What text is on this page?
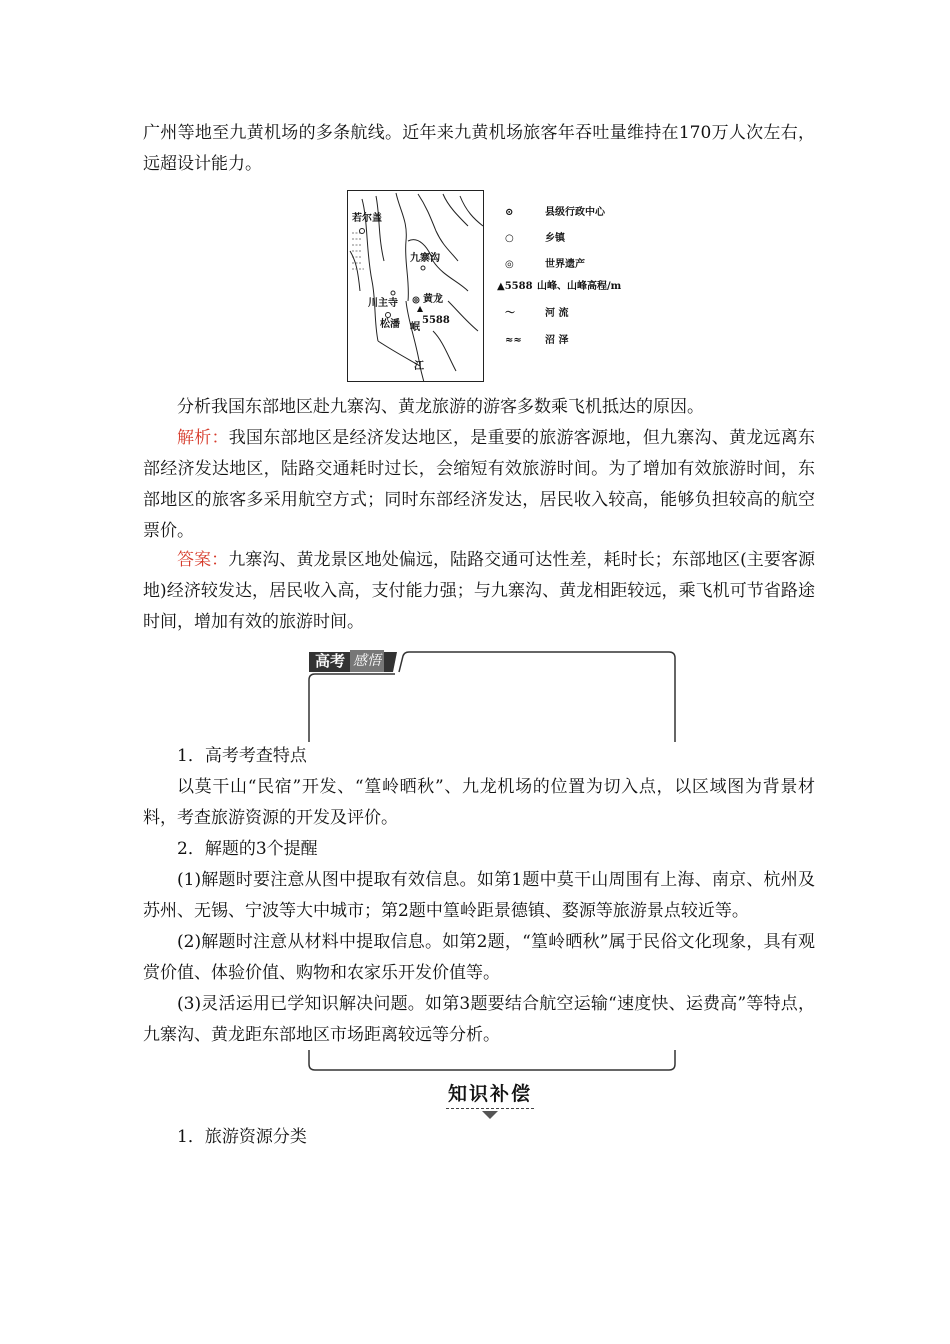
广州等地至九黄机场的多条航线。近年来九黄机场旅客年吞吐量维持在170万人次左右，远超设计能力。

若尔盖
九寨沟
黄龙
5588
川主寺
松潘 岷
江
⊙	县级行政中心
○	乡镇
◎	世界遗产
▲5588 山峰、山峰高程/m
～	河 流
≈≈	沼 泽

分析我国东部地区赴九寨沟、黄龙旅游的游客多数乘飞机抵达的原因。

解析：我国东部地区是经济发达地区，是重要的旅游客源地，但九寨沟、黄龙远离东部经济发达地区，陆路交通耗时过长，会缩短有效旅游时间。为了增加有效旅游时间，东部地区的旅客多采用航空方式；同时东部经济发达，居民收入较高，能够负担较高的航空票价。

答案：九寨沟、黄龙景区地处偏远，陆路交通可达性差，耗时长；东部地区(主要客源地)经济较发达，居民收入高，支付能力强；与九寨沟、黄龙相距较远，乘飞机可节省路途时间，增加有效的旅游时间。

高考 感悟

1．高考考查特点

以莫干山“民宿”开发、“篁岭晒秋”、九龙机场的位置为切入点，以区域图为背景材料，考查旅游资源的开发及评价。

2．解题的3个提醒

(1)解题时要注意从图中提取有效信息。如第1题中莫干山周围有上海、南京、杭州及苏州、无锡、宁波等大中城市；第2题中篁岭距景德镇、婺源等旅游景点较近等。

(2)解题时注意从材料中提取信息。如第2题，“篁岭晒秋”属于民俗文化现象，具有观赏价值、体验价值、购物和农家乐开发价值等。

(3)灵活运用已学知识解决问题。如第3题要结合航空运输“速度快、运费高”等特点，九寨沟、黄龙距东部地区市场距离较远等分析。

知识补偿

1．旅游资源分类
